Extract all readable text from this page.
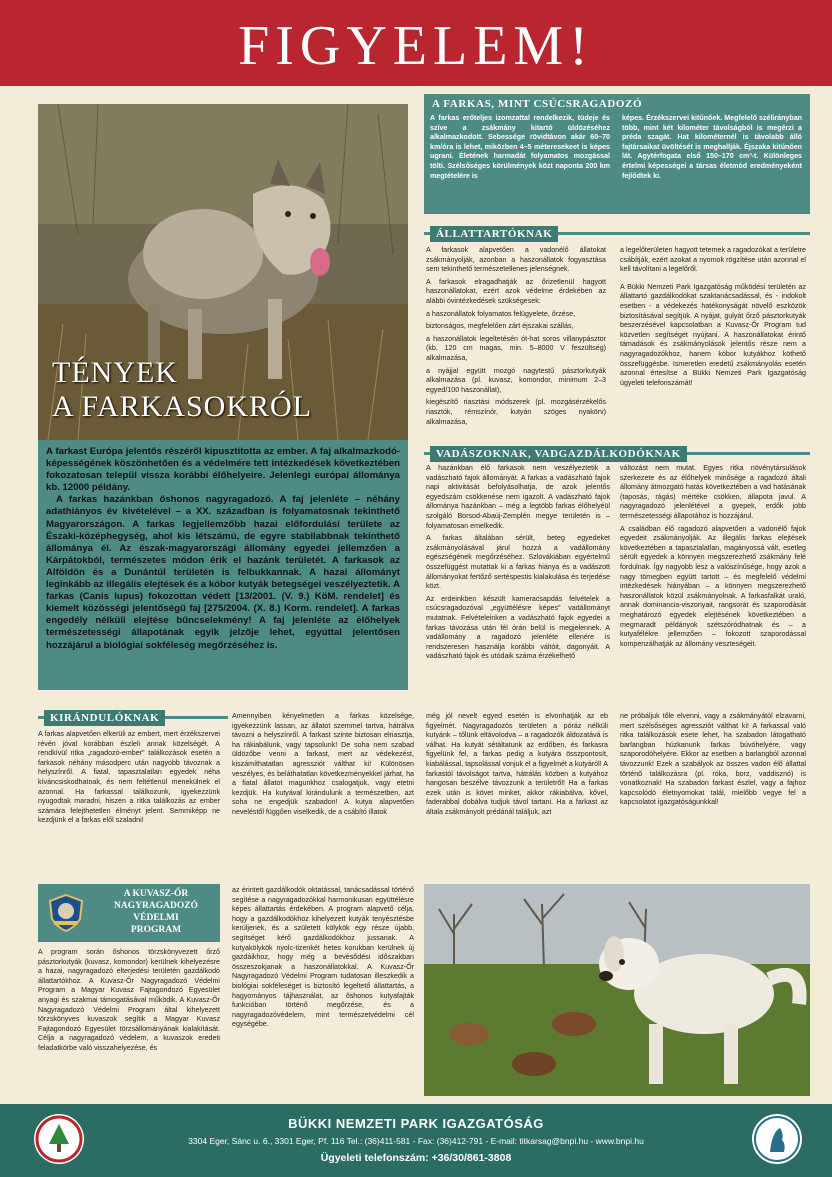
FIGYELEM!
TÉNYEK
A FARKASOKRÓL

A farkast Európa jelentős részéről kipusztította az ember. A faj alkalmazkodó-képességének köszönhetően és a védelmére tett intézkedések következtében fokozatosan települ vissza korábbi élőhelyeire. Jelenlegi európai állománya kb. 12000 példány.

A farkas hazánkban őshonos nagyragadozó. A faj jelenléte – néhány adathiányos év kivételével – a XX. században is folyamatosnak tekinthető Magyarországon. A farkas legjellemzőbb hazai előfordulási területe az Északi-középhegység, ahol kis létszámú, de egyre stabilabbnak tekinthető állománya él. Az észak-magyarországi állomány egyedei jellemzően a Kárpátokból, természetes módon érik el hazánk területét. A farkasok az Alföldön és a Dunántúl területén is felbukkannak. A hazai állományt leginkább az illegális elejtések és a kóbor kutyák betegségei veszélyeztetik. A farkas (Canis lupus) fokozottan védett [13/2001. (V. 9.) KöM. rendelet] és kiemelt közösségi jelentőségű faj [275/2004. (X. 8.) Korm. rendelet]. A farkas engedély nélküli elejtése bűncselekmény! A faj jelenléte az élőhelyek természetességi állapotának egyik jelzője lehet, egyúttal jelentősen hozzájárul a biológiai sokféleség megőrzéséhez is.

A FARKAS, MINT CSÚCSRAGADOZÓ
A farkas erőteljes izomzattal rendelkezik, tüdeje és szíve a zsákmány kitartó üldözéséhez alkalmazkodott. Sebessége rövidtávon akár 60–70 km/óra is lehet, miközben 4–5 méteresekeet is képes ugrani. Életének harmadát folyamatos mozgással tölti. Szélsőséges körülmények közt naponta 200 km megtételére is
képes. Érzékszervei kitűnőek. Megfelelő szélirányban több, mint két kilométer távolságból is megérzi a préda szagát. Hat kilométernél is távolabb álló fajtársaikat üvöltését is meghallják. Éjszaka kitűnően lát. Agytérfogata első 150–170 cm³-t. Különleges értelmi képességei a társas életmód eredményeként fejlődtek ki.
ÁLLATTARTÓKNAK

A farkasok alapvetően a vadonélő állatokat zsákmányolják, azonban a haszonállatok fogyasztása sem tekinthető természetellenes jelenségnek.

A farkasok elragadhatják az őrizetlenül hagyott haszonállatokat, ezért azok védelme érdekében az alábbi óvintézkedések szükségesek:

a haszonállatok folyamatos felügyelete, őrzése,

biztonságos, megfelelően zárt éjszakai szállás,

a haszonállatok legeltetésén ót-hat soros villanypásztor (kb. 120 cm magas, min. 5–8000 V feszültség) alkalmazása,

a nyájjal együtt mozgó nagytestű pásztorkutyák alkalmazása (pl. kuvasz, komondor, minimum 2–3 egyed/100 haszonállat),

kiegészítő riasztási módszerek (pl. mozgásérzékelős riasztók, rémszínór, kutyán szöges nyakörv) alkalmazása,

a legelőterületen hagyott tetemek a ragadozókat a területre csábítják, ezért azokat a nyomok rögzítése után azonnal el kell távolítani a legelőről.

A Bükki Nemzeti Park Igazgatóság működési területén az állattartó gazdálkodókat szaktanácsadással, és - indokolt esetben - a védekezés hatékonyságát növelő eszközök biztosításával segítjük. A nyájat, gulyát őrző pásztorkutyák beszerzésével kapcsolatban a Kuvasz-Őr Program tud közvetlen segítséget nyújtani. A haszonállatokat érintő támadások és zsákmányolások jelentős része nem a nagyragadozókhoz, hanem kóbor kutyákhoz köthető összefüggésbe. Ismeretlen eredetű zsákmányolás esetén azonnal értesítse a Bükki Nemzeti Park Igazgatóság ügyeleti telefonszámát!

VADÁSZOKNAK, VADGAZDÁLKODÓKNAK

A hazánkban élő farkasok nem veszélyeztetik a vadászható fajok állományát. A farkas a vadászható fajok napi aktivitását befolyásolhatja, de azok jelentős egyedszám csökkenése nem igazolt. A vadászható fajok állománya hazánkban – még a legtöbb farkas élőhelyéül szolgáló Borsod-Abaúj-Zemplén megye területén is – folyamatosan emelkedik.

A farkas általában sérült, beteg egyedeket zsákmányolásával járul hozzá a vadállomány egészségének megőrzéséhez. Szlovákiában egyértelmű összefüggést mutattak ki a farkas hiánya és a vadászott állományokat fertőző sertéspestis kialakulása és terjedése közt.

Az erdeinkben készült kameracsapdás felvételek a csúcsragadozóval „együttélésre képes" vadállományt mutatnak. Felvételeinken a vadászható fajok egyedei a farkas távozása után fél órán belül is megjelennek. A vadállomány a ragadozó jelenléte ellenére is rendszeresen használja korábbi váltóit, dagonyáit. A vadászható fajok és utódaik száma érzékelhető

változást nem mutat. Egyes ritka növénytársulások szerkezete és az élőhelyek minősége a ragadozó általi állomány átmozgató hatás következtében a vad hatásának (taposás, rágás) mértéke csökken, állapota javul. A nagyragadozó jelenlétével a gyepek, erdők jobb természetességi állapotához is hozzájárul.

A családban élő ragadozó alapvetően a vadonélő fajok egyedeit zsákmányolják. Az illegális farkas elejtések következtében a tapasztalatlan, magányossá vált, esetleg sérült egyedek a könnyen megszerezhető zsákmány felé fordulnak. Így nagyobb lesz a valószínűsége, hogy azok a nagy tömegben együtt tartott – és megfelelő védelmi intézkedések hiányában – a könnyen megszerezhető haszonállatok közül zsákmányolnak. A farkasfalkát uraló, annak dominancia-viszonyait, rangsorát és szaporodását meghatározó egyedek elejtésének következtében a megmaradt példányok szétszóródhatnak és – a kutyafélékre jellemzően – fokozott szaporodással kompenzálhatják az állomány veszteségeit.

KIRÁNDULÓKNAK
A farkas alapvetően elkerüli az embert, mert érzékszervei révén jóval korábban észleli annak közelségét. A rendkívül ritka „ragadozó-ember" találkozások esetén a farkasok néhány másodperc után nagyobb távoznak a helyszínről. A fiatal, tapasztalatlan egyedek néha kíváncsiskodhatnak, és nem feltétlenül menekülnek el azonnal. Ha farkassal találkozunk, igyekezzünk nyugodtak maradni, hiszen a ritka találkozás az ember számára felejthetetlen élményt jelent. Semmiképp ne kezdjünk el a farkas elől szaladni!
Amennyiben kényelmetlen a farkas közelsége, igyekezzünk lassan, az állatot szemmel tartva, hátrálva távozni a helyszínről. A farkast szinte biztosan elriasztja, ha rákiabálunk, vagy tapsolunk! De soha nem szabad üldözőbe venni a farkast, mert az védekezést, kiszámíthatatlan agressziót válthat ki! Különösen veszélyes, és beláthatatlan következményekkel járhat, ha a fiatal állatot magunkhoz csalogatjuk, vagy etetni kezdjük. Ha kutyával kirándulunk a természetben, azt soha ne engedjük szabadon! A kutya alapvetően neveléstől függően viselkedik, de a csábító illatok
még jól nevelt egyed esetén is elvonhatják az eb figyelmét. Nagyragadozós területen a póráz nélküli kutyánk – tőlünk eltávolodva – a ragadozók áldozatává is válhat. Ha kutyát sétáltatunk az erdőben, és farkasra figyelünk fel, a farkas pedig a kutyára összpontosít, kiabálással, tapsolással vonjuk el a figyelmét a kutyáról! A farkastól távolságot tartva, hátrálás közben a kutyához hangosan beszélve távozzunk a területről! Ha a farkas ezek után is követ minket, akkor rákiabálva, kővel, faderabbal dobálva tudjuk távol tartani. Ha a farkast az általa zsákmányolt prédánál találjuk, azt
ne próbáljuk tőle elvenni, vagy a zsákmányától elzavarni, mert szélsőséges agressziót válthat ki! A farkassal való ritka találkozások esete lehet, ha szabadon látogatható barlangban húzkanunk farkas búvóhelyére, vagy szaporodóhelyére. Ekkor az esetben a barlangból azonnal távozzunk! Ezek a szabályok az összes vadon élő állattal történő találkozásra (pl. róka, borz, vaddisznó) is vonatkoznak! Ha szabadon farkast észlel, vagy a fajhoz kapcsolódó életnyomokat talál, mielőbb vegye fel a kapcsolatot igazgatóságunkkal!
A KUVASZ-ŐR
NAGYRAGADOZÓ
VÉDELMI
PROGRAM
A program során őshonos törzskönyvezett őrző pásztorkutyák (kuvasz, komondor) kerülnek kihelyezésre a hazai, nagyragadozó elterjedési területén gazdálkodó állattartókhoz. A Kuvasz-Őr Nagyragadozó Védelmi Program a Magyar Kuvasz Fajtagondozó Egyesület anyagi és szakmai támogatásával működik. A Kuvasz-Őr Nagyragadozó Védelmi Program által kihelyezett törzskönyves kuvaszok segítik a Magyar Kuvasz Fajtagondozó Egyesület törzsállományának kialakítását. Célja a nagyragadozó védelem, a kuvaszok eredeti feladatkörbe való visszahelyezése, és
az érintett gazdálkodók oktatással, tanácsadással történő segítése a nagyragadozókkal harmonikusan együttélésre képes állattartás érdekében. A program alapvető célja, hogy a gazdálkodókhoz kihelyezett kutyák tenyésztésbe kerüljenek, és a született kölykök egy része újabb, segítséget kérő gazdálkodókhoz jussanak. A kutyakölykök nyolc-tizenkét hetes korukban kerülnek új gazdáikhoz, hogy még a bevésődési időszakban összeszokjanak a haszonállatokkal. A Kuvasz-Őr Nagyragadozó Védelmi Program tudatosan illeszkedik a biológiai sokféleséget is biztosító legeltető állattartás, a hagyományos tájhasználat, az őshonos kutyafajták funkcióban történő megőrzése, és a nagyragadozóvédelem, mint természetvédelmi cél egységébe.
BÜKKI NEMZETI PARK IGAZGATÓSÁG
3304 Eger, Sánc u. 6., 3301 Eger, Pf. 116 Tel.: (36)411-581 - Fax: (36)412-791 - E-mail: titkarsag@bnpi.hu - www.bnpi.hu
Ügyeleti telefonszám: +36/30/861-3808
